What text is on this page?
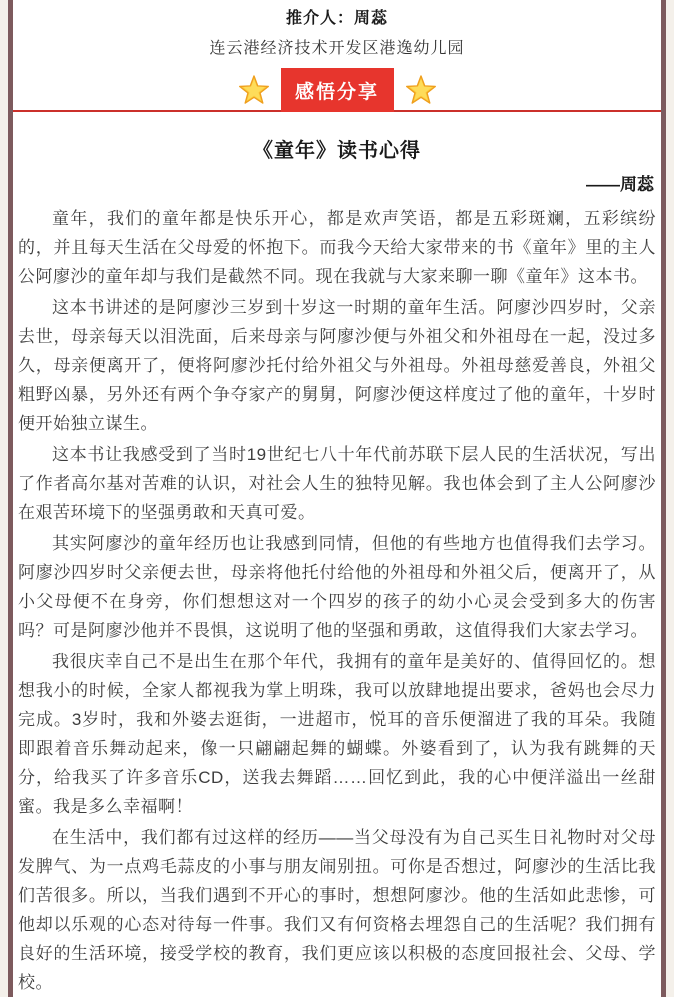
推介人：周蕊
连云港经济技术开发区港逸幼儿园
感悟分享
《童年》读书心得
——周蕊

童年，我们的童年都是快乐开心，都是欢声笑语，都是五彩斑斓，五彩缤纷的，并且每天生活在父母爱的怀抱下。而我今天给大家带来的书《童年》里的主人公阿廖沙的童年却与我们是截然不同。现在我就与大家来聊一聊《童年》这本书。

这本书讲述的是阿廖沙三岁到十岁这一时期的童年生活。阿廖沙四岁时，父亲去世，母亲每天以泪洗面，后来母亲与阿廖沙便与外祖父和外祖母在一起，没过多久，母亲便离开了，便将阿廖沙托付给外祖父与外祖母。外祖母慈爱善良，外祖父粗野凶暴，另外还有两个争夺家产的舅舅，阿廖沙便这样度过了他的童年，十岁时便开始独立谋生。

这本书让我感受到了当时19世纪七八十年代前苏联下层人民的生活状况，写出了作者高尔基对苦难的认识，对社会人生的独特见解。我也体会到了主人公阿廖沙在艰苦环境下的坚强勇敢和天真可爱。

其实阿廖沙的童年经历也让我感到同情，但他的有些地方也值得我们去学习。阿廖沙四岁时父亲便去世，母亲将他托付给他的外祖母和外祖父后，便离开了，从小父母便不在身旁，你们想想这对一个四岁的孩子的幼小心灵会受到多大的伤害吗？可是阿廖沙他并不畏惧，这说明了他的坚强和勇敢，这值得我们大家去学习。

我很庆幸自己不是出生在那个年代，我拥有的童年是美好的、值得回忆的。想想我小的时候，全家人都视我为掌上明珠，我可以放肆地提出要求，爸妈也会尽力完成。3岁时，我和外婆去逛街，一进超市，悦耳的音乐便溜进了我的耳朵。我随即跟着音乐舞动起来，像一只翩翩起舞的蝴蝶。外婆看到了，认为我有跳舞的天分，给我买了许多音乐CD，送我去舞蹈……回忆到此，我的心中便洋溢出一丝甜蜜。我是多么幸福啊！

在生活中，我们都有过这样的经历——当父母没有为自己买生日礼物时对父母发脾气、为一点鸡毛蒜皮的小事与朋友闹别扭。可你是否想过，阿廖沙的生活比我们苦很多。所以，当我们遇到不开心的事时，想想阿廖沙。他的生活如此悲惨，可他却以乐观的心态对待每一件事。我们又有何资格去埋怨自己的生活呢？我们拥有良好的生活环境，接受学校的教育，我们更应该以积极的态度回报社会、父母、学校。
